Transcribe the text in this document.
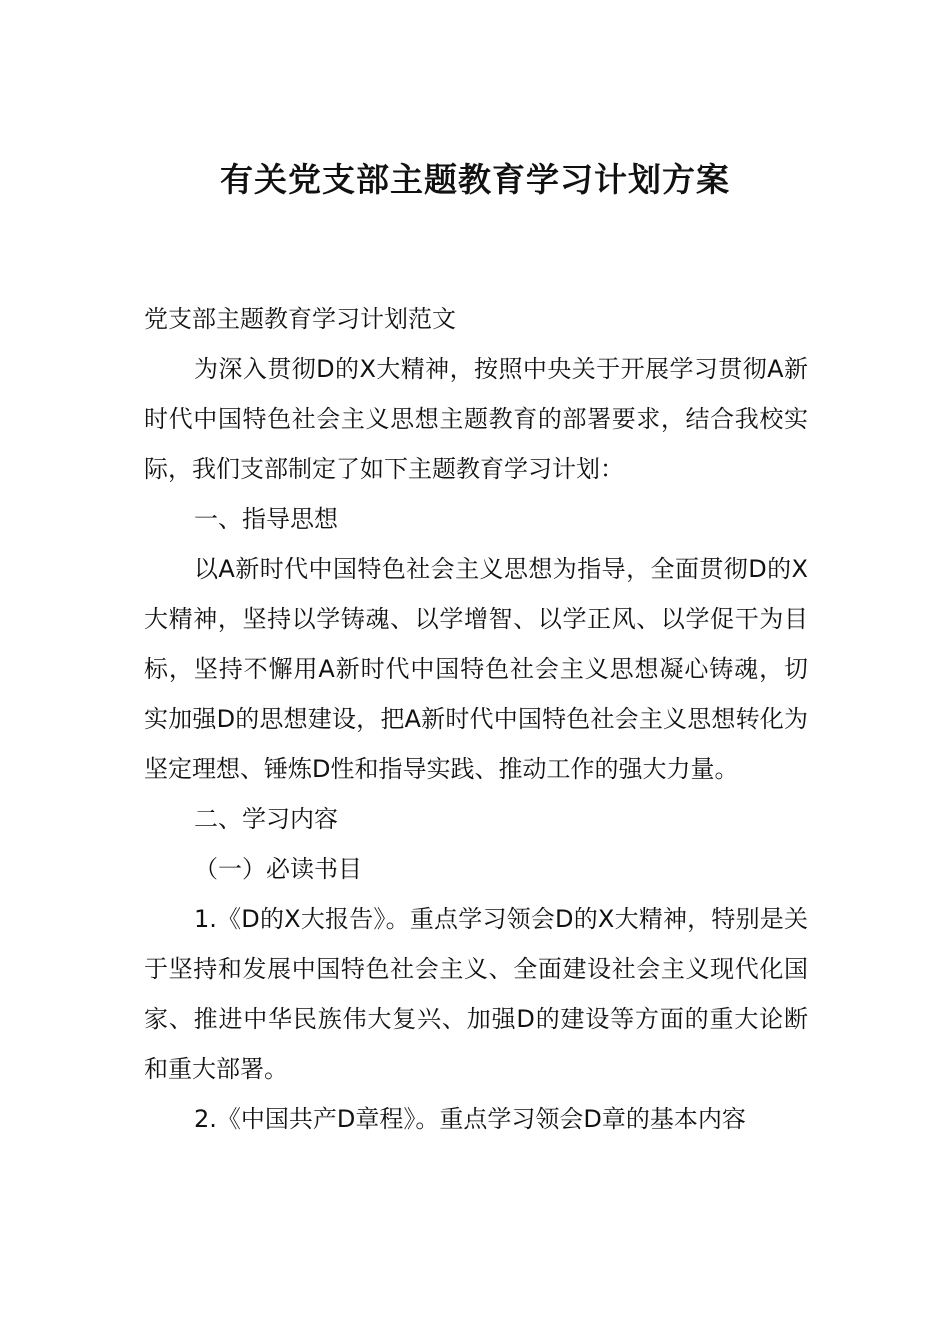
有关党支部主题教育学习计划方案

党支部主题教育学习计划范文

为深入贯彻D的X大精神，按照中央关于开展学习贯彻A新时代中国特色社会主义思想主题教育的部署要求，结合我校实际，我们支部制定了如下主题教育学习计划：

一、指导思想

以A新时代中国特色社会主义思想为指导，全面贯彻D的X大精神，坚持以学铸魂、以学增智、以学正风、以学促干为目标，坚持不懈用A新时代中国特色社会主义思想凝心铸魂，切实加强D的思想建设，把A新时代中国特色社会主义思想转化为坚定理想、锤炼D性和指导实践、推动工作的强大力量。

二、学习内容

（一）必读书目

1.《D的X大报告》。重点学习领会D的X大精神，特别是关于坚持和发展中国特色社会主义、全面建设社会主义现代化国家、推进中华民族伟大复兴、加强D的建设等方面的重大论断和重大部署。

2.《中国共产D章程》。重点学习领会D章的基本内容
